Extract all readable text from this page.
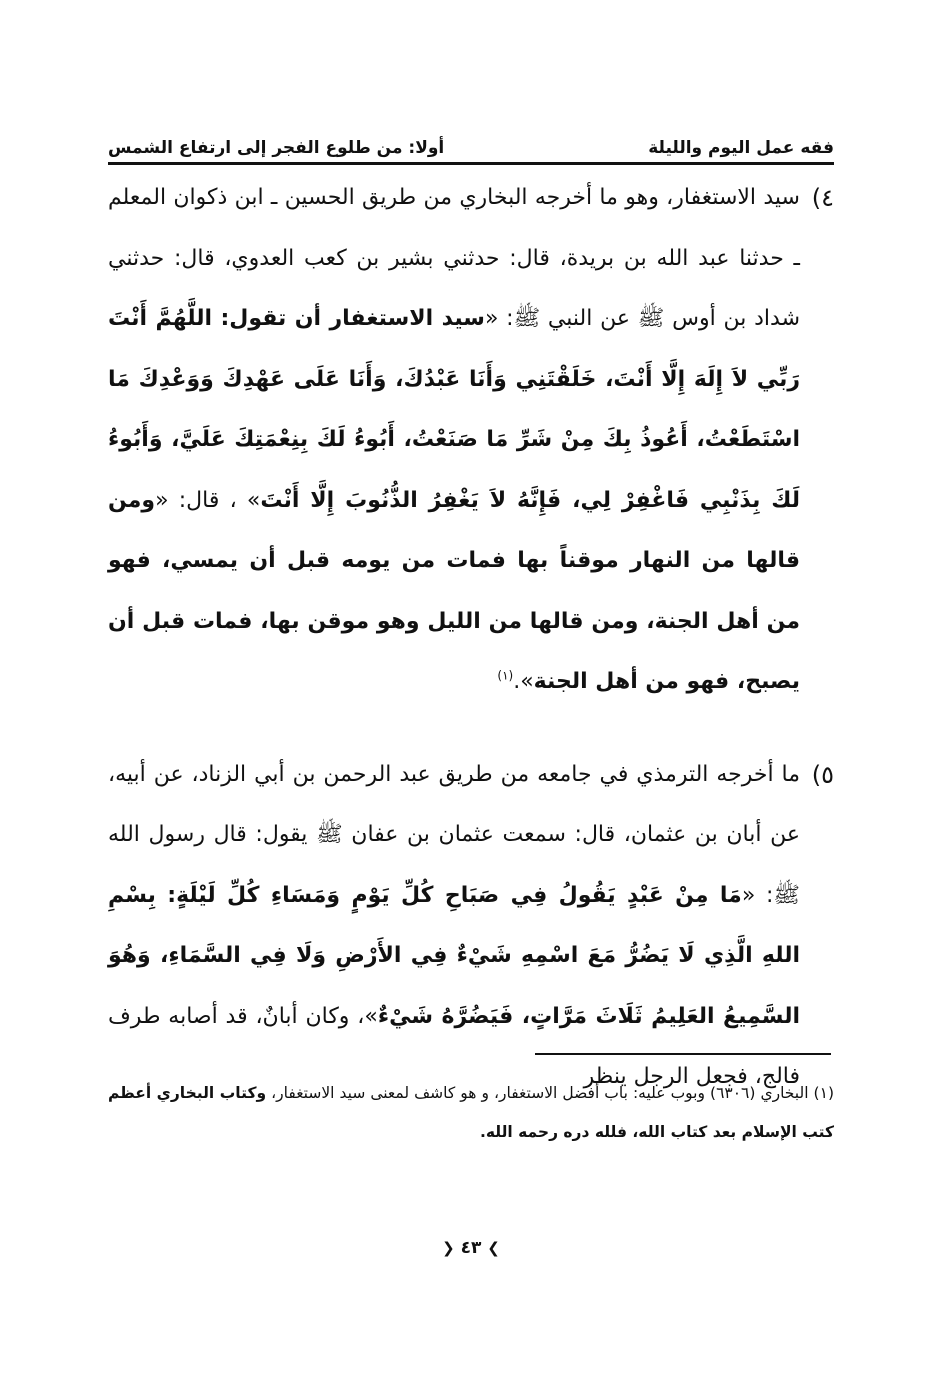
فقه عمل اليوم والليلة
أولا: من طلوع الفجر إلى ارتفاع الشمس
٤)
سيد الاستغفار، وهو ما أخرجه البخاري من طريق الحسين ـ ابن ذكوان المعلم ـ حدثنا عبد الله بن بريدة، قال: حدثني بشير بن كعب العدوي، قال: حدثني شداد بن أوس ﷺ عن النبي ﷺ: «سيد الاستغفار أن تقول: اللَّهُمَّ أَنْتَ رَبِّي لاَ إِلَهَ إِلَّا أَنْتَ، خَلَقْتَنِي وَأَنَا عَبْدُكَ، وَأَنَا عَلَى عَهْدِكَ وَوَعْدِكَ مَا اسْتَطَعْتُ، أَعُوذُ بِكَ مِنْ شَرِّ مَا صَنَعْتُ، أَبُوءُ لَكَ بِنِعْمَتِكَ عَلَيَّ، وَأَبُوءُ لَكَ بِذَنْبِي فَاغْفِرْ لِي، فَإِنَّهُ لاَ يَغْفِرُ الذُّنُوبَ إِلَّا أَنْتَ» ، قال: «ومن قالها من النهار موقناً بها فمات من يومه قبل أن يمسي، فهو من أهل الجنة، ومن قالها من الليل وهو موقن بها، فمات قبل أن يصبح، فهو من أهل الجنة».$^{(١)}$
٥)
ما أخرجه الترمذي في جامعه من طريق عبد الرحمن بن أبي الزناد، عن أبيه، عن أبان بن عثمان، قال: سمعت عثمان بن عفان ﷺ يقول: قال رسول الله ﷺ: «مَا مِنْ عَبْدٍ يَقُولُ فِي صَبَاحِ كُلِّ يَوْمٍ وَمَسَاءِ كُلِّ لَيْلَةٍ: بِسْمِ اللهِ الَّذِي لَا يَضُرُّ مَعَ اسْمِهِ شَيْءٌ فِي الأَرْضِ وَلَا فِي السَّمَاءِ، وَهُوَ السَّمِيعُ العَلِيمُ ثَلَاثَ مَرَّاتٍ، فَيَضُرَّهُ شَيْءٌ»، وكان أبانٌ، قد أصابه طرف فالج، فجعل الرجل ينظر
(١) البخاري (٦٣٠٦) وبوب عليه: باب أفضل الاستغفار، و هو كاشف لمعنى سيد الاستغفار، وكتاب البخاري أعظم كتب الإسلام بعد كتاب الله، فلله دره رحمه الله.
❯ ٤٣ ❮
